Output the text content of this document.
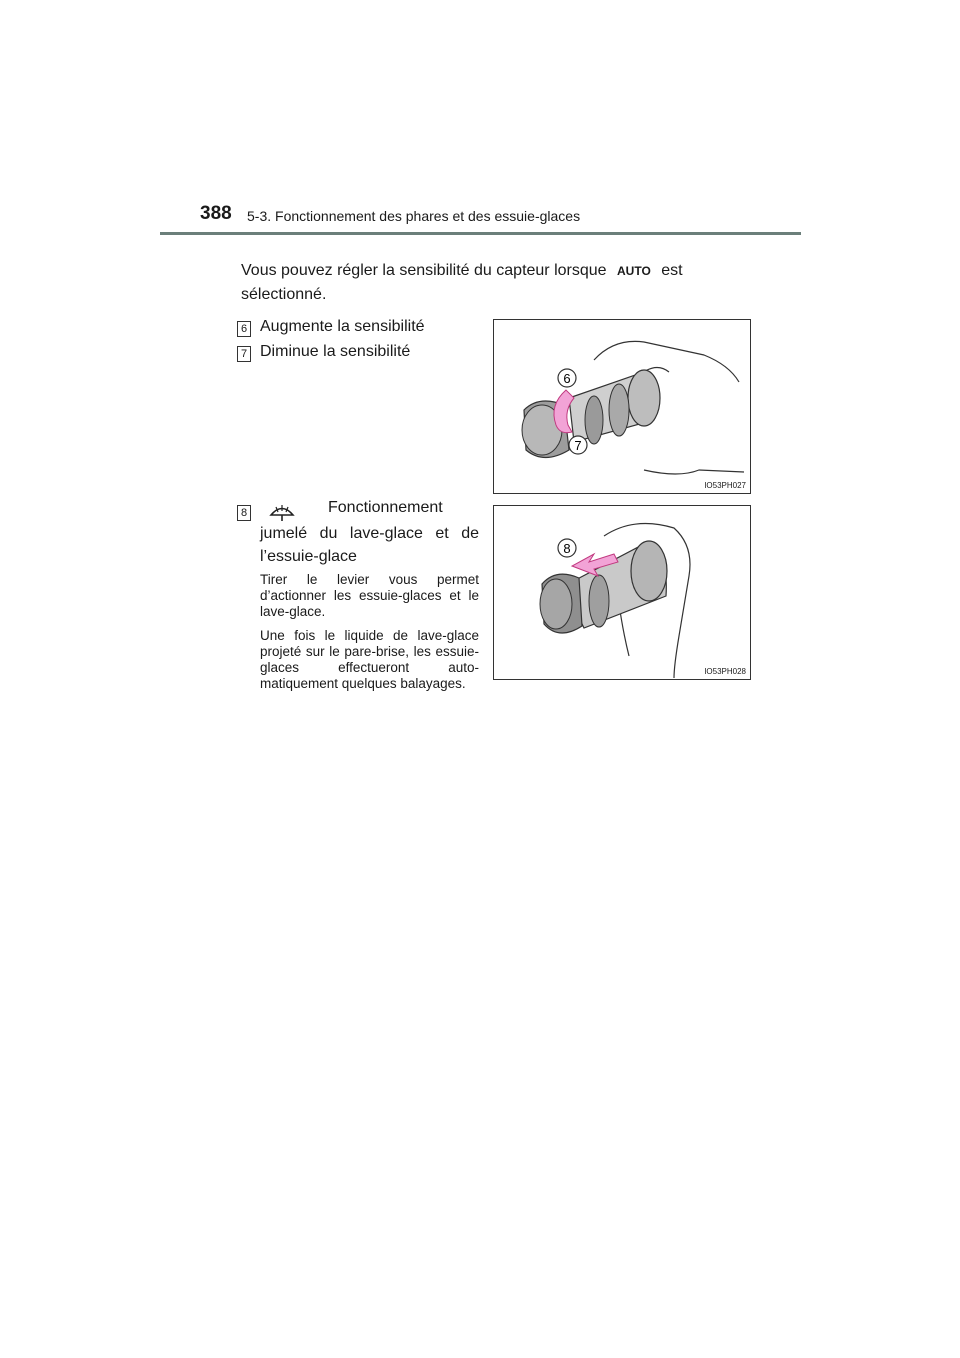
388 5-3. Fonctionnement des phares et des essuie-glaces
Vous pouvez régler la sensibilité du capteur lorsque AUTO est
sélectionné.
6 Augmente la sensibilité
7 Diminue la sensibilité
6
7
IO53PH027
8	Fonctionnement
jumelé du lave-glace et de l’essuie-glace
Tirer le levier vous permet d’actionner les essuie-glaces et le lave-glace.
Une fois le liquide de lave-glace projeté sur le pare-brise, les essuie-glaces effectueront auto-matiquement quelques balayages.
8
IO53PH028
